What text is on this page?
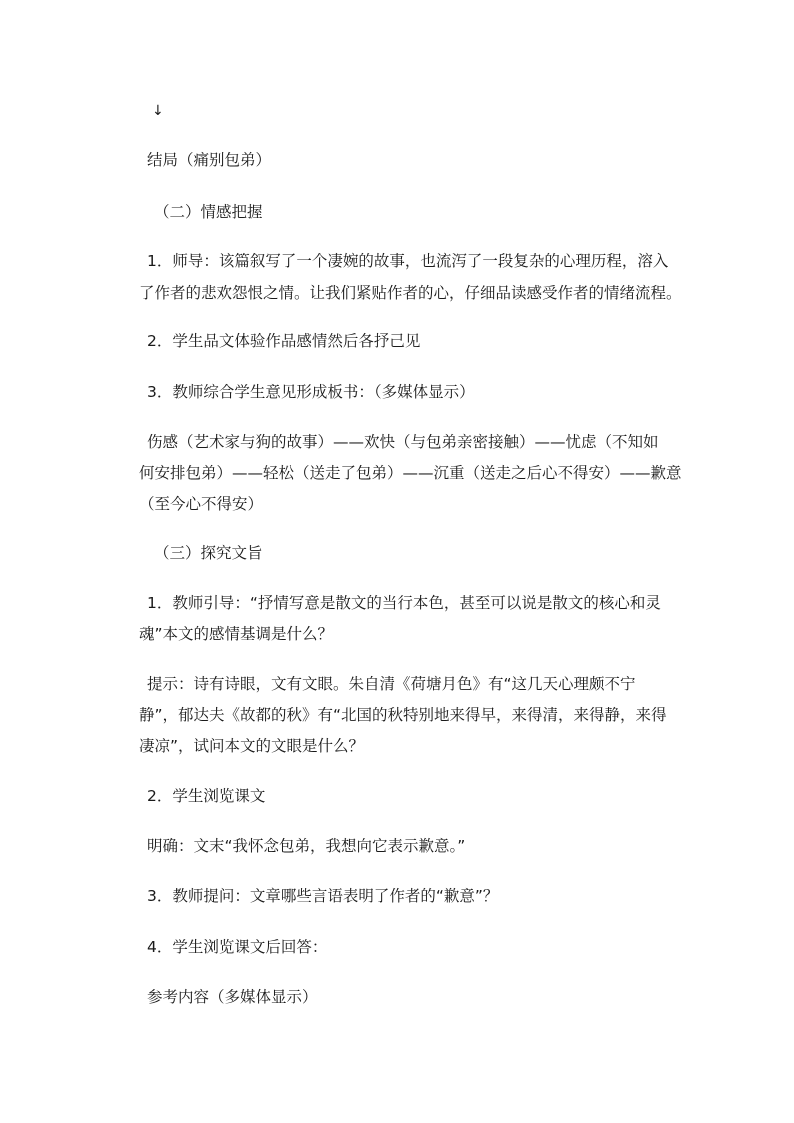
↓
结局（痛别包弟）
（二）情感把握
1．师导：该篇叙写了一个凄婉的故事，也流泻了一段复杂的心理历程，溶入
了作者的悲欢怨恨之情。让我们紧贴作者的心，仔细品读感受作者的情绪流程。
2．学生品文体验作品感情然后各抒己见
3．教师综合学生意见形成板书：（多媒体显示）
伤感（艺术家与狗的故事）——欢快（与包弟亲密接触）——忧虑（不知如
何安排包弟）——轻松（送走了包弟）——沉重（送走之后心不得安）——歉意
（至今心不得安）
（三）探究文旨
1．教师引导：“抒情写意是散文的当行本色，甚至可以说是散文的核心和灵
魂”本文的感情基调是什么？
提示：诗有诗眼，文有文眼。朱自清《荷塘月色》有“这几天心理颇不宁
静”，郁达夫《故都的秋》有“北国的秋特别地来得早，来得清，来得静，来得
凄凉”，试问本文的文眼是什么？
2．学生浏览课文
明确：文末“我怀念包弟，我想向它表示歉意。”
3．教师提问：文章哪些言语表明了作者的“歉意”？
4．学生浏览课文后回答：
参考内容（多媒体显示）
